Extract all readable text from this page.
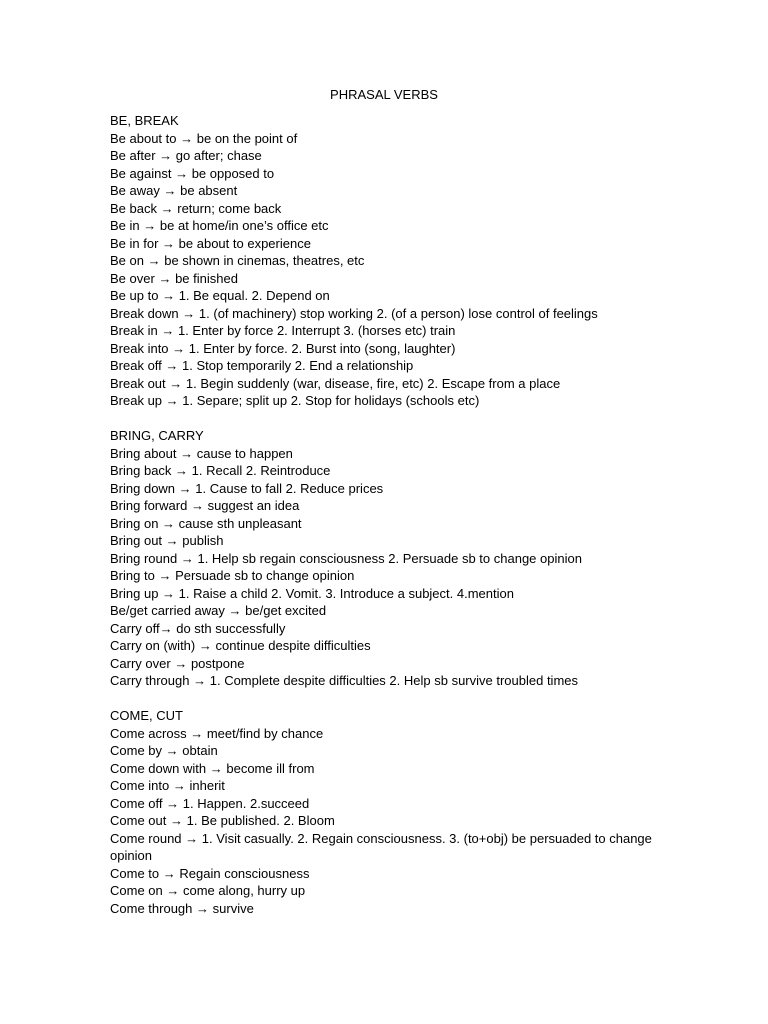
PHRASAL VERBS
BE, BREAK
Be about to → be on the point of
Be after → go after; chase
Be against → be opposed to
Be away → be absent
Be back → return; come back
Be in → be at home/in one’s office etc
Be in for → be about to experience
Be on → be shown in cinemas, theatres, etc
Be over → be finished
Be up to → 1. Be equal. 2. Depend on
Break down → 1. (of machinery) stop working 2. (of a person) lose control of feelings
Break in → 1. Enter by force 2. Interrupt 3. (horses etc) train
Break into → 1. Enter by force. 2. Burst into (song, laughter)
Break off → 1. Stop temporarily 2. End a relationship
Break out → 1. Begin suddenly (war, disease, fire, etc) 2. Escape from a place
Break up → 1. Separe; split up 2. Stop for holidays (schools etc)
BRING, CARRY
Bring about → cause to happen
Bring back → 1. Recall 2. Reintroduce
Bring down → 1. Cause to fall 2. Reduce prices
Bring forward → suggest an idea
Bring on → cause sth unpleasant
Bring out → publish
Bring round → 1. Help sb regain consciousness 2. Persuade sb to change opinion
Bring to → Persuade sb to change opinion
Bring up → 1. Raise a child 2. Vomit. 3. Introduce a subject. 4.mention
Be/get carried away → be/get excited
Carry off→ do sth successfully
Carry on (with) → continue despite difficulties
Carry over → postpone
Carry through → 1. Complete despite difficulties 2. Help sb survive troubled times
COME, CUT
Come across → meet/find by chance
Come by → obtain
Come down with → become ill from
Come into → inherit
Come off → 1. Happen. 2.succeed
Come out → 1. Be published. 2. Bloom
Come round → 1. Visit casually. 2. Regain consciousness. 3. (to+obj) be persuaded to change opinion
Come to → Regain consciousness
Come on → come along, hurry up
Come through → survive
